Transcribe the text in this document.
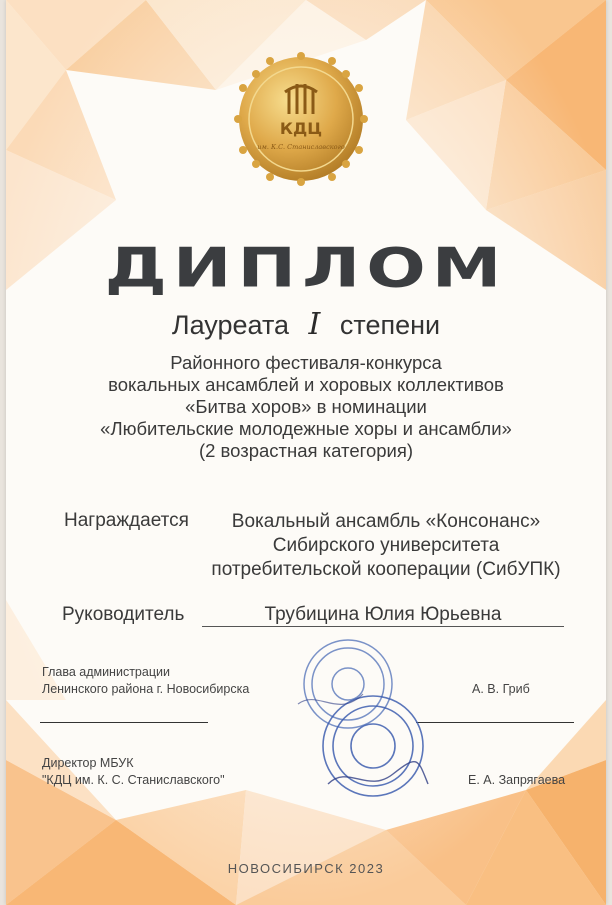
КДЦ
им. К.С. Станиславского
ДИПЛОМ
Лауреата I степени
Районного фестиваля-конкурса
вокальных ансамблей и хоровых коллективов
«Битва хоров» в номинации
«Любительские молодежные хоры и ансамбли»
(2 возрастная категория)
Награждается	Вокальный ансамбль «Консонанс»
Сибирского университета
потребительской кооперации (СибУПК)
Руководитель	Трубицина Юлия Юрьевна
Глава администрации
Ленинского района г. Новосибирска	А. В. Гриб
Директор МБУК
"КДЦ им. К. С. Станиславского"	Е. А. Запрягаева
НОВОСИБИРСК 2023
